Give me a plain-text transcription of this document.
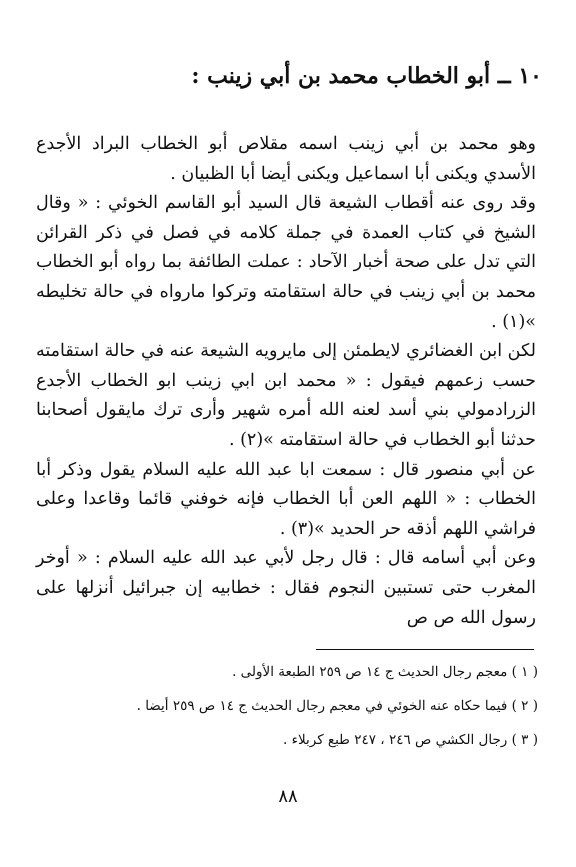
١٠ ــ أبو الخطاب محمد بن أبي زينب :

وهو محمد بن أبي زينب اسمه مقلاص أبو الخطاب البراد الأجدع الأسدي ويكنى أبا اسماعيل ويكنى أيضا أبا الظبيان .

وقد روى عنه أقطاب الشيعة قال السيد أبو القاسم الخوئي : « وقال الشيخ في كتاب العمدة في جملة كلامه في فصل في ذكر القرائن التي تدل على صحة أخبار الآحاد : عملت الطائفة بما رواه أبو الخطاب محمد بن أبي زينب في حالة استقامته وتركوا مارواه في حالة تخليطه »(١) .

لكن ابن الغضائري لايطمئن إلى مايرويه الشيعة عنه في حالة استقامته حسب زعمهم فيقول : « محمد ابن ابي زينب ابو الخطاب الأجدع الزرادمولي بني أسد لعنه الله أمره شهير وأرى ترك مايقول أصحابنا حدثنا أبو الخطاب في حالة استقامته »(٢) .

عن أبي منصور قال : سمعت ابا عبد الله عليه السلام يقول وذكر أبا الخطاب : « اللهم العن أبا الخطاب فإنه خوفني قائما وقاعدا وعلى فراشي اللهم أذقه حر الحديد »(٣) .

وعن أبي أسامه قال : قال رجل لأبي عبد الله عليه السلام : « أوخر المغرب حتى تستبين النجوم فقال : خطابيه إن جبرائيل أنزلها على رسول الله ص ص

( ١ ) معجم رجال الحديث ج ١٤ ص ٢٥٩ الطبعة الأولى .
( ٢ ) فيما حكاه عنه الخوئي في معجم رجال الحديث ج ١٤ ص ٢٥٩ أيضا .
( ٣ ) رجال الكشي ص ٢٤٦ ، ٢٤٧ طبع كربلاء .
٨٨
